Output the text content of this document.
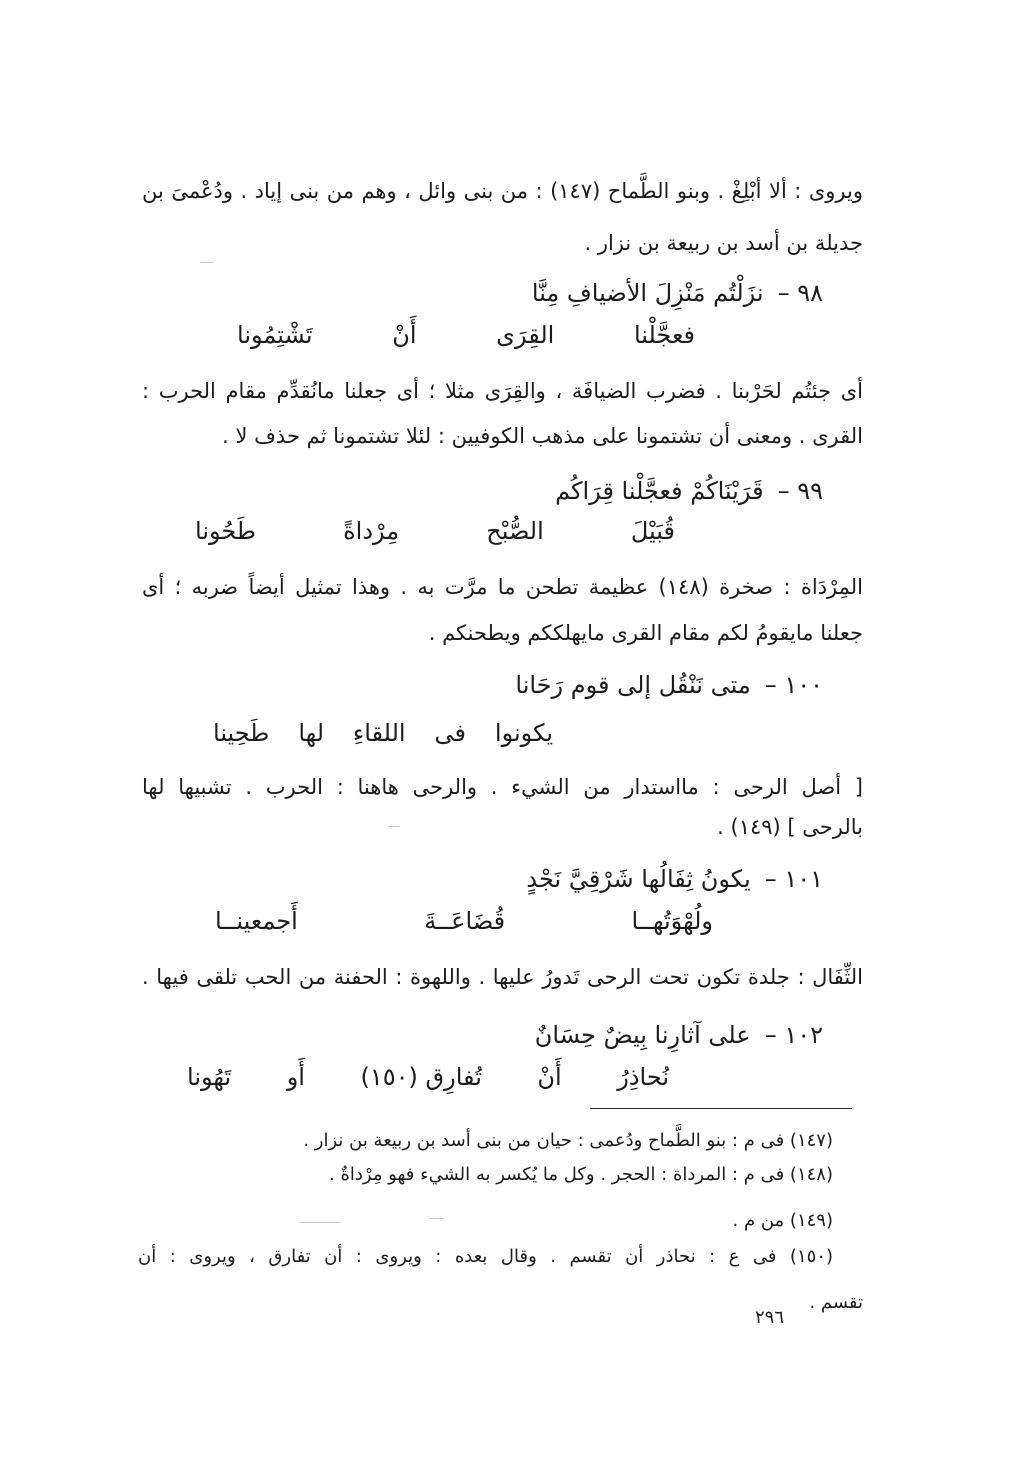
ويروى : ألا أبْلِغْ . وبنو الطَّماح (١٤٧) : من بنى وائل ، وهم من بنى إياد . ودُعْمىَ بن
جديلة بن أسد بن ربيعة بن نزار .
٩٨ –نزَلْتُم مَنْزِلَ الأضيافِ مِنَّا
فعجَّلْنا
القِرَى
أَنْ
تَشْتِمُونا
أى جئتُم لحَرْبنا . فضرب الضيافَة ، والقِرَى مثلا ؛ أى جعلنا مانُقدِّم مقام الحرب :
القرى . ومعنى أن تشتمونا على مذهب الكوفيين : لئلا تشتمونا ثم حذف لا .
٩٩ –قَرَيْنَاكُمْ فعجَّلْنا قِرَاكُم
قُبَيْلَ
الصُّبْح
مِرْداةً
طَحُونا
المِرْدَاة : صخرة (١٤٨) عظيمة تطحن ما مرَّت به . وهذا تمثيل أيضاً ضربه ؛ أى
جعلنا مايقومُ لكم مقام القرى مايهلككم ويطحنكم .
١٠٠ –متى نَنْقُل إلى قوم رَحَانا
يكونوا
فى
اللقاءِ
لها
طَحِينا
[ أصل الرحى : مااستدار من الشيء . والرحى هاهنا : الحرب . تشبيها لها
بالرحى ] (١٤٩) .
١٠١ –يكونُ ثِفَالُها شَرْقِيَّ نَجْدٍ
ولُهْوَتُهــا
قُضَاعَــةَ
أَجمعينــا
الثِّفَال : جلدة تكون تحت الرحى تَدورُ عليها . واللهوة : الحفنة من الحب تلقى فيها .
١٠٢ –على آثارِنا بِيضٌ حِسَانٌ
نُحاذِرُ
أَنْ
تُفارِق (١٥٠)
أَو
تَهُونا
(١٤٧) فى م : بنو الطَّماح ودُعمى : حيان من بنى أسد بن ربيعة بن نزار .
(١٤٨) فى م : المرداة : الحجر . وكل ما يُكسر به الشيء فهو مِرْداةٌ .
(١٤٩) من م .
(١٥٠) فى ع : نحاذر أن تقسم . وقال بعده : ويروى : أن تفارق ، ويروى : أن
تقسم .
٢٩٦
